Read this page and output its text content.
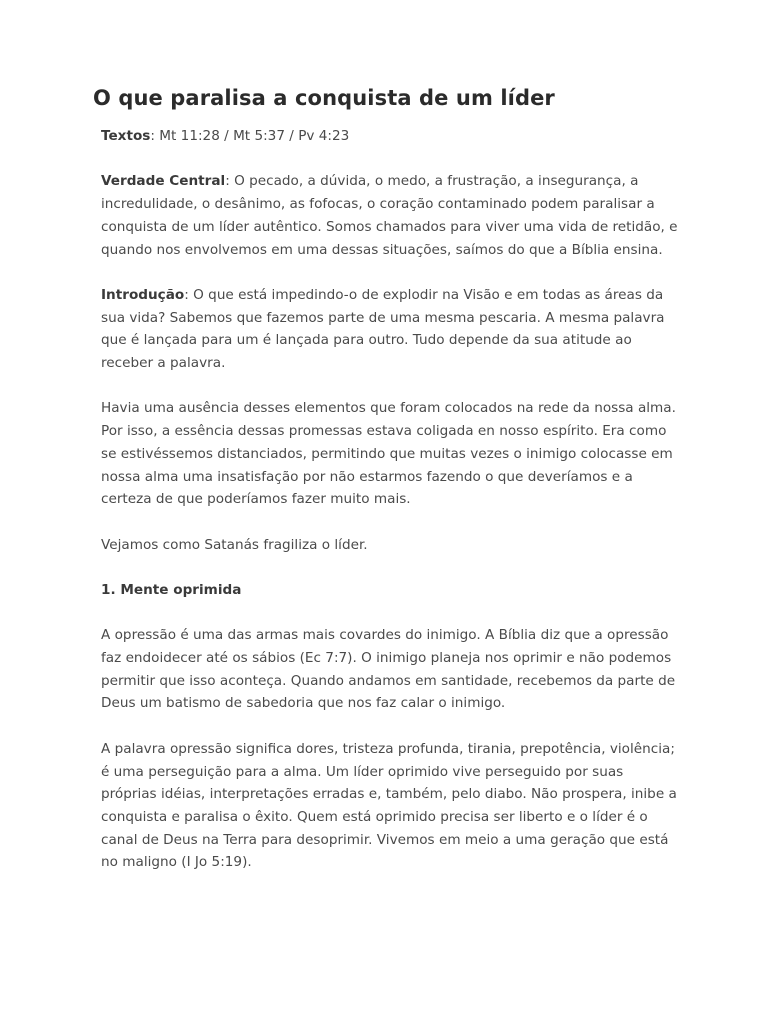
O que paralisa a conquista de um líder

Textos: Mt 11:28 / Mt 5:37 / Pv 4:23

Verdade Central: O pecado, a dúvida, o medo, a frustração, a insegurança, a incredulidade, o desânimo, as fofocas, o coração contaminado podem paralisar a conquista de um líder autêntico. Somos chamados para viver uma vida de retidão, e quando nos envolvemos em uma dessas situações, saímos do que a Bíblia ensina.

Introdução: O que está impedindo-o de explodir na Visão e em todas as áreas da sua vida? Sabemos que fazemos parte de uma mesma pescaria. A mesma palavra que é lançada para um é lançada para outro. Tudo depende da sua atitude ao receber a palavra.

Havia uma ausência desses elementos que foram colocados na rede da nossa alma. Por isso, a essência dessas promessas estava coligada en nosso espírito. Era como se estivéssemos distanciados, permitindo que muitas vezes o inimigo colocasse em nossa alma uma insatisfação por não estarmos fazendo o que deveríamos e a certeza de que poderíamos fazer muito mais.

Vejamos como Satanás fragiliza o líder.

1. Mente oprimida

A opressão é uma das armas mais covardes do inimigo. A Bíblia diz que a opressão faz endoidecer até os sábios (Ec 7:7). O inimigo planeja nos oprimir e não podemos permitir que isso aconteça. Quando andamos em santidade, recebemos da parte de Deus um batismo de sabedoria que nos faz calar o inimigo.

A palavra opressão significa dores, tristeza profunda, tirania, prepotência, violência; é uma perseguição para a alma. Um líder oprimido vive perseguido por suas próprias idéias, interpretações erradas e, também, pelo diabo. Não prospera, inibe a conquista e paralisa o êxito. Quem está oprimido precisa ser liberto e o líder é o canal de Deus na Terra para desoprimir. Vivemos em meio a uma geração que está no maligno (I Jo 5:19).
